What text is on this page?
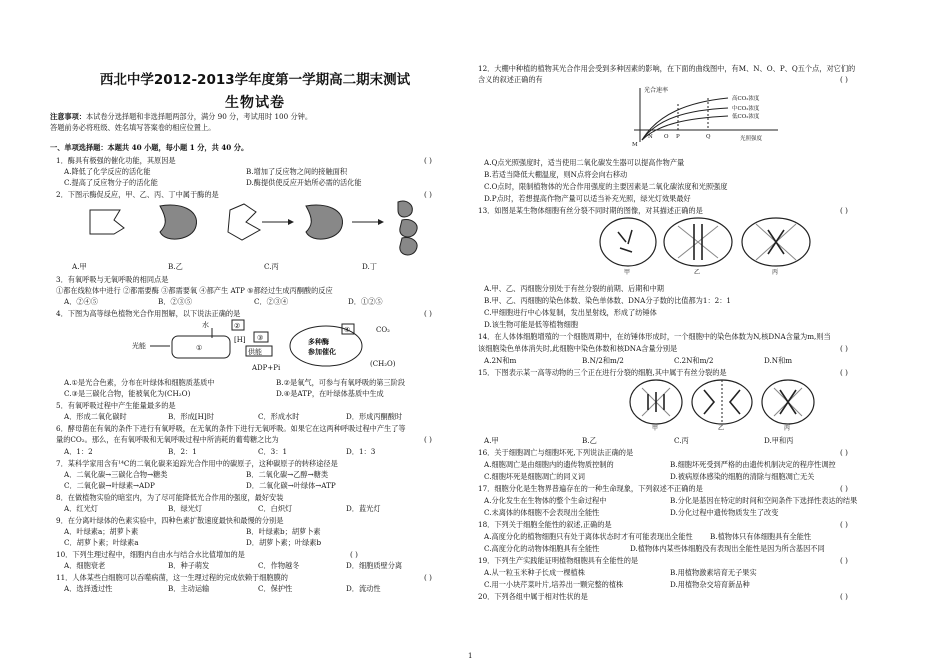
西北中学2012-2013学年度第一学期高二期末测试
生物试卷
注意事项：本试卷分选择题和非选择题两部分，满分 90 分，考试用时 100 分钟。
答题前务必将班级、姓名填写答案卷的相应位置上。
一、单项选择题：本题共 40 小题，每小题 1 分，共 40 分。
1．酶具有极强的催化功能，其原因是	( )
A.降低了化学反应的活化能	B.增加了反应物之间的接触面积
C.提高了反应物分子的活化能	D.酶提供使反应开始所必需的活化能
2．下图示酶促反应，甲、乙、丙、丁中属于酶的是	( )
A.甲	B.乙	C.丙	D.丁
3．有氧呼吸与无氧呼吸的相同点是
①都在线粒体中进行 ②都需要酶 ③都需要氧 ④都产生 ATP ⑤都经过生成丙酮酸的反应
A．②④⑤	B．②③⑤	C．②③④	D．①②⑤
4．下图为高等绿色植物光合作用图解，以下说法正确的是	( )
水
光能	①
②
[H] ③
供能
多种酶
参加催化
④	CO₂
(CH₂O)
ADP+Pi
A.①是光合色素，分布在叶绿体和细胞质基质中	B.②是氧气，可参与有氧呼吸的第三阶段
C.③是三碳化合物，能被氧化为(CH₂O)	D.④是ATP，在叶绿体基质中生成
5．有氧呼吸过程中产生能量最多的是
A．形成二氧化碳时	B．形成[H]时	C．形成水时	D．形成丙酮酸时
6．酵母菌在有氧的条件下进行有氧呼吸，在无氧的条件下进行无氧呼吸。如果它在这两种呼吸过程中产生了等
量的CO₂。那么，在有氧呼吸和无氧呼吸过程中所消耗的葡萄糖之比为	( )
A．1：2	B．2：1	C．3：1	D．1：3
7．某科学家用含有¹⁴C的二氧化碳来追踪光合作用中的碳原子，这种碳原子的转移途径是
A．二氧化碳→三碳化合物→糖类	B．二氧化碳→乙醇→糖类
C．二氧化碳→叶绿素→ADP	D．二氧化碳→叶绿体→ATP
8．在做植物实验的暗室内，为了尽可能降低光合作用的强度，最好安装
A．红光灯	B．绿光灯	C．白炽灯	D．蓝光灯
9．在分离叶绿体的色素实验中，四种色素扩散速度最快和最慢的分别是
A．叶绿素a；胡萝卜素	B．叶绿素b；胡萝卜素
C．胡萝卜素；叶绿素a	D．胡萝卜素；叶绿素b
10．下列生理过程中，细胞内自由水与结合水比值增加的是	( )
A．细胞衰老	B．种子萌发	C．作物越冬	D．细胞质壁分离
11．人体某些白细胞可以吞噬病菌，这一生理过程的完成依赖于细胞膜的	( )
A．选择透过性	B．主动运输	C．保护性	D．流动性
12．大棚中种植的植物其光合作用会受到多种因素的影响，在下面的曲线图中，有M、N、O、P、Q五个点，对它们的
含义的叙述正确的有	( )
光合速率
高CO₂浓度
中CO₂浓度
低CO₂浓度
光照强度
M
N O P	Q
A.Q点光照强度时，适当使用二氧化碳发生器可以提高作物产量
B.若适当降低大棚温度，则N点将会向右移动
C.O点时，限制植物体的光合作用强度的主要因素是二氧化碳浓度和光照强度
D.P点时，若想提高作物产量可以适当补充光照，绿光灯效果最好
13．如图是某生物体细胞有丝分裂不同时期的图像，对其描述正确的是	( )
甲	乙	丙
A.甲、乙、丙细胞分别处于有丝分裂的前期、后期和中期
B.甲、乙、丙细胞的染色体数、染色单体数、DNA分子数的比值都为1：2：1
C.甲细胞进行中心体复制，发出星射线，形成了纺锤体
D.该生物可能是低等植物细胞
14．在人体体细胞增殖的一个细胞周期中，在纺锤体形成时，一个细胞中的染色体数为N,核DNA含量为m,则当
该细胞染色单体消失时,此细胞中染色体数和核DNA含量分别是	( )
A.2N和m	B.N/2和m/2	C.2N和m/2	D.N和m
15．下图表示某一高等动物的三个正在进行分裂的细胞,其中属于有丝分裂的是	( )
甲	乙	丙
A.甲	B.乙	C.丙	D.甲和丙
16．关于细胞凋亡与细胞坏死,下列说法正确的是	( )
A.细胞凋亡是由细胞内的遗传物质控制的	B.细胞坏死受到严格的由遗传机制决定的程序性调控
C.细胞坏死是细胞凋亡的同义词	D.被病原体感染的细胞的清除与细胞凋亡无关
17．细胞分化是生物界普遍存在的一种生命现象，下列叙述不正确的是	( )
A.分化发生在生物体的整个生命过程中	B.分化是基因在特定的时间和空间条件下选择性表达的结果
C.未离体的体细胞不会表现出全能性	D.分化过程中遗传物质发生了改变
18．下列关于细胞全能性的叙述,正确的是	( )
A.高度分化的植物细胞只有处于离体状态时才有可能表现出全能性 B.植物体只有体细胞具有全能性
C.高度分化的动物体细胞具有全能性	D.植物体内某些体细胞没有表现出全能性是因为所含基因不同
19．下列生产实践能证明植物细胞具有全能性的是	( )
A.从一粒玉米种子长成一棵植株	B.用植物激素培育无子果实
C.用一小块芹菜叶片,培养出一颗完整的植株	D.用植物杂交培育新品种
20．下列各组中属于相对性状的是	( )
1
